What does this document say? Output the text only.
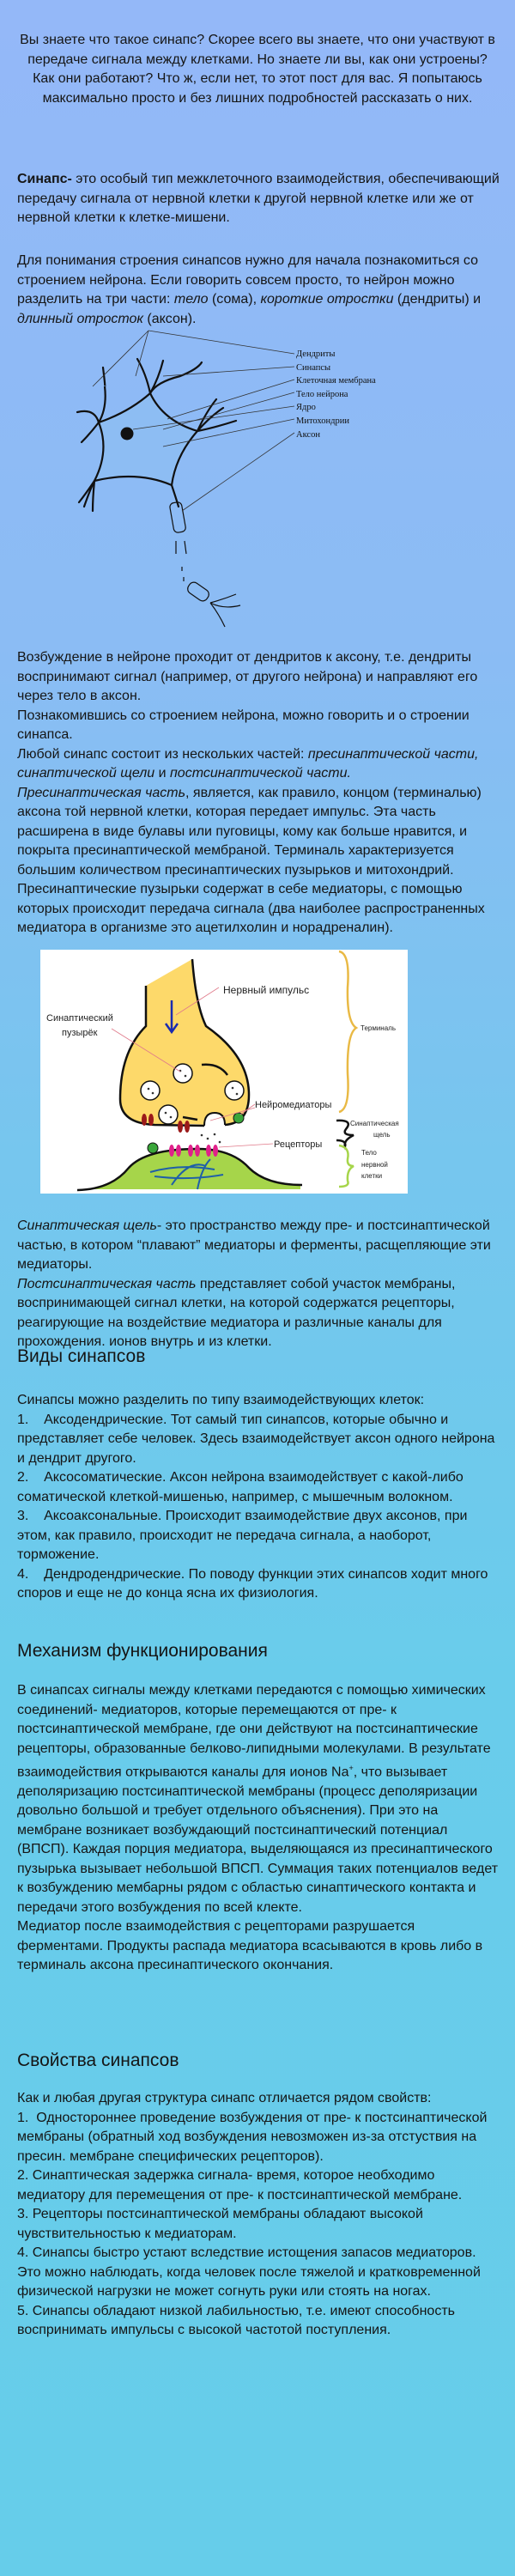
Вы знаете что такое синапс? Скорее всего вы знаете, что они участвуют в передаче сигнала между клетками. Но знаете ли вы, как они устроены? Как они работают? Что ж, если нет, то этот пост для вас. Я попытаюсь максимально просто и без лишних подробностей рассказать о них.

Синапс- это особый тип межклеточного взаимодействия, обеспечивающий передачу сигнала от нервной клетки к другой нервной клетке или же от нервной клетки к клетке-мишени.

Для понимания строения синапсов нужно для начала познакомиться со строением нейрона. Если говорить совсем просто, то нейрон можно разделить на три части: тело (сома), короткие отростки (дендриты) и длинный отросток (аксон).

Дендриты
Синапсы
Клеточная мембрана
Тело нейрона
Ядро
Митохондрии
Аксон

Возбуждение в нейроне проходит от дендритов к аксону, т.е. дендриты воспринимают сигнал (например, от другого нейрона) и направляют его через тело в аксон.

Познакомившись со строением нейрона, можно говорить и о строении синапса.

Любой синапс состоит из нескольких частей: пресинаптической части, синаптической щели и постсинаптической части.

Пресинаптическая часть, является, как правило, концом (терминалью) аксона той нервной клетки, которая передает импульс. Эта часть расширена в виде булавы или пуговицы, кому как больше нравится, и покрыта пресинаптической мембраной. Терминаль характеризуется большим количеством пресинаптических пузырьков и митохондрий. Пресинаптические пузырьки содержат в себе медиаторы, с помощью которых происходит передача сигнала (два наиболее распространенных медиатора в организме это ацетилхолин и норадреналин).

Нервный импульс
Синаптический
пузырёк	Терминаль
Нейромедиаторы
Синаптическая
щель
Рецепторы
Тело
нервной
клетки

Синаптическая щель- это пространство между пре- и постсинаптической частью, в котором “плавают” медиаторы и ферменты, расщепляющие эти медиаторы.

Постсинаптическая часть представляет собой участок мембраны, воспринимающей сигнал клетки, на которой содержатся рецепторы, реагирующие на воздействие медиатора и различные каналы для прохождения. ионов внутрь и из клетки.

Виды синапсов

Синапсы можно разделить по типу взаимодействующих клеток:

1.    Аксодендрические. Тот самый тип синапсов, которые обычно и представляет себе человек. Здесь взаимодействует аксон одного нейрона и дендрит другого.

2.    Аксосоматические. Аксон нейрона взаимодействует с какой-либо соматической клеткой-мишенью, например, с мышечным волокном.

3.    Аксоаксональные. Происходит взаимодействие двух аксонов, при этом, как правило, происходит не передача сигнала, а наоборот, торможение.

4.    Дендродендрические. По поводу функции этих синапсов ходит много споров и еще не до конца ясна их физиология.

Механизм функционирования

В синапсах сигналы между клетками передаются с помощью химических соединений- медиаторов, которые перемещаются от пре- к постсинаптической мембране, где они действуют на постсинаптические рецепторы, образованные белково-липидными молекулами. В результате взаимодействия открываются каналы для ионов Na+, что вызывает деполяризацию постсинаптической мембраны (процесс деполяризации довольно большой и требует отдельного объяснения). При это на мембране возникает возбуждающий постсинаптический потенциал (ВПСП). Каждая порция медиатора, выделяющаяся из пресинаптического пузырька вызывает небольшой ВПСП. Суммация таких потенциалов ведет к возбуждению мембарны рядом с областью синаптического контакта и передачи этого возбуждения по всей клекте.

Медиатор после взаимодействия с рецепторами разрушается ферментами. Продукты распада медиатора всасываются в кровь либо в терминаль аксона пресинаптического окончания.

Свойства синапсов

Как и любая другая структура синапс отличается рядом свойств:

1.  Одностороннее проведение возбуждения от пре- к постсинаптической мембраны (обратный ход возбуждения невозможен из-за отстуствия на пресин. мембране специфических рецепторов).

2. Синаптическая задержка сигнала- время, которое необходимо медиатору для перемещения от пре- к постсинаптической мембране.

3. Рецепторы постсинаптической мембраны обладают высокой чувствительностью к медиаторам.

4. Синапсы быстро устают вследствие истощения запасов медиаторов. Это можно наблюдать, когда человек после тяжелой и кратковременной физической нагрузки не может согнуть руки или стоять на ногах.

5. Синапсы обладают низкой лабильностью, т.е. имеют способность воспринимать импульсы с высокой частотой поступления.
